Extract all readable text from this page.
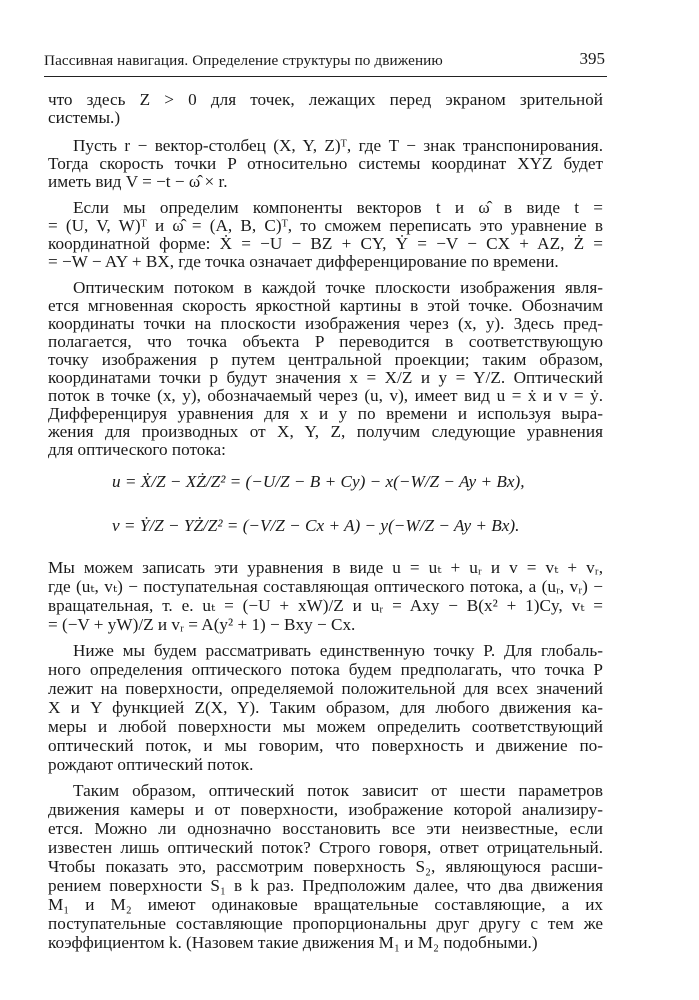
Пассивная навигация. Определение структуры по движению	395
что здесь Z > 0 для точек, лежащих перед экраном зрительной
системы.)
Пусть r − вектор-столбец (X, Y, Z)ᵀ, где T − знак транспонирования.
Тогда скорость точки P относительно системы координат XYZ будет
иметь вид V = −t − ω̂ × r.
Если мы определим компоненты векторов t и ω̂ в виде t =
= (U, V, W)ᵀ и ω̂ = (A, B, C)ᵀ, то сможем переписать это уравнение в
координатной форме: Ẋ = −U − BZ + CY, Ẏ = −V − CX + AZ, Ż =
= −W − AY + BX, где точка означает дифференцирование по времени.
Оптическим потоком в каждой точке плоскости изображения явля-
ется мгновенная скорость яркостной картины в этой точке. Обозначим
координаты точки на плоскости изображения через (x, y). Здесь пред-
полагается, что точка объекта P переводится в соответствующую
точку изображения p путем центральной проекции; таким образом,
координатами точки p будут значения x = X/Z и y = Y/Z. Оптический
поток в точке (x, y), обозначаемый через (u, v), имеет вид u = ẋ и v = ẏ.
Дифференцируя уравнения для x и y по времени и используя выра-
жения для производных от X, Y, Z, получим следующие уравнения
для оптического потока:
u = Ẋ/Z − XŻ/Z² = (−U/Z − B + Cy) − x(−W/Z − Ay + Bx),
v = Ẏ/Z − YŻ/Z² = (−V/Z − Cx + A) − y(−W/Z − Ay + Bx).
Мы можем записать эти уравнения в виде u = uₜ + uᵣ и v = vₜ + vᵣ,
где (uₜ, vₜ) − поступательная составляющая оптического потока, а (uᵣ, vᵣ) −
вращательная, т. е. uₜ = (−U + xW)/Z и uᵣ = Axy − B(x² + 1)Cy, vₜ =
= (−V + yW)/Z и vᵣ = A(y² + 1) − Bxy − Cx.
Ниже мы будем рассматривать единственную точку P. Для глобаль-
ного определения оптического потока будем предполагать, что точка P
лежит на поверхности, определяемой положительной для всех значений
X и Y функцией Z(X, Y). Таким образом, для любого движения ка-
меры и любой поверхности мы можем определить соответствующий
оптический поток, и мы говорим, что поверхность и движение по-
рождают оптический поток.
Таким образом, оптический поток зависит от шести параметров
движения камеры и от поверхности, изображение которой анализиру-
ется. Можно ли однозначно восстановить все эти неизвестные, если
известен лишь оптический поток? Строго говоря, ответ отрицательный.
Чтобы показать это, рассмотрим поверхность S₂, являющуюся расши-
рением поверхности S₁ в k раз. Предположим далее, что два движения
M₁ и M₂ имеют одинаковые вращательные составляющие, а их
поступательные составляющие пропорциональны друг другу с тем же
коэффициентом k. (Назовем такие движения M₁ и M₂ подобными.)
